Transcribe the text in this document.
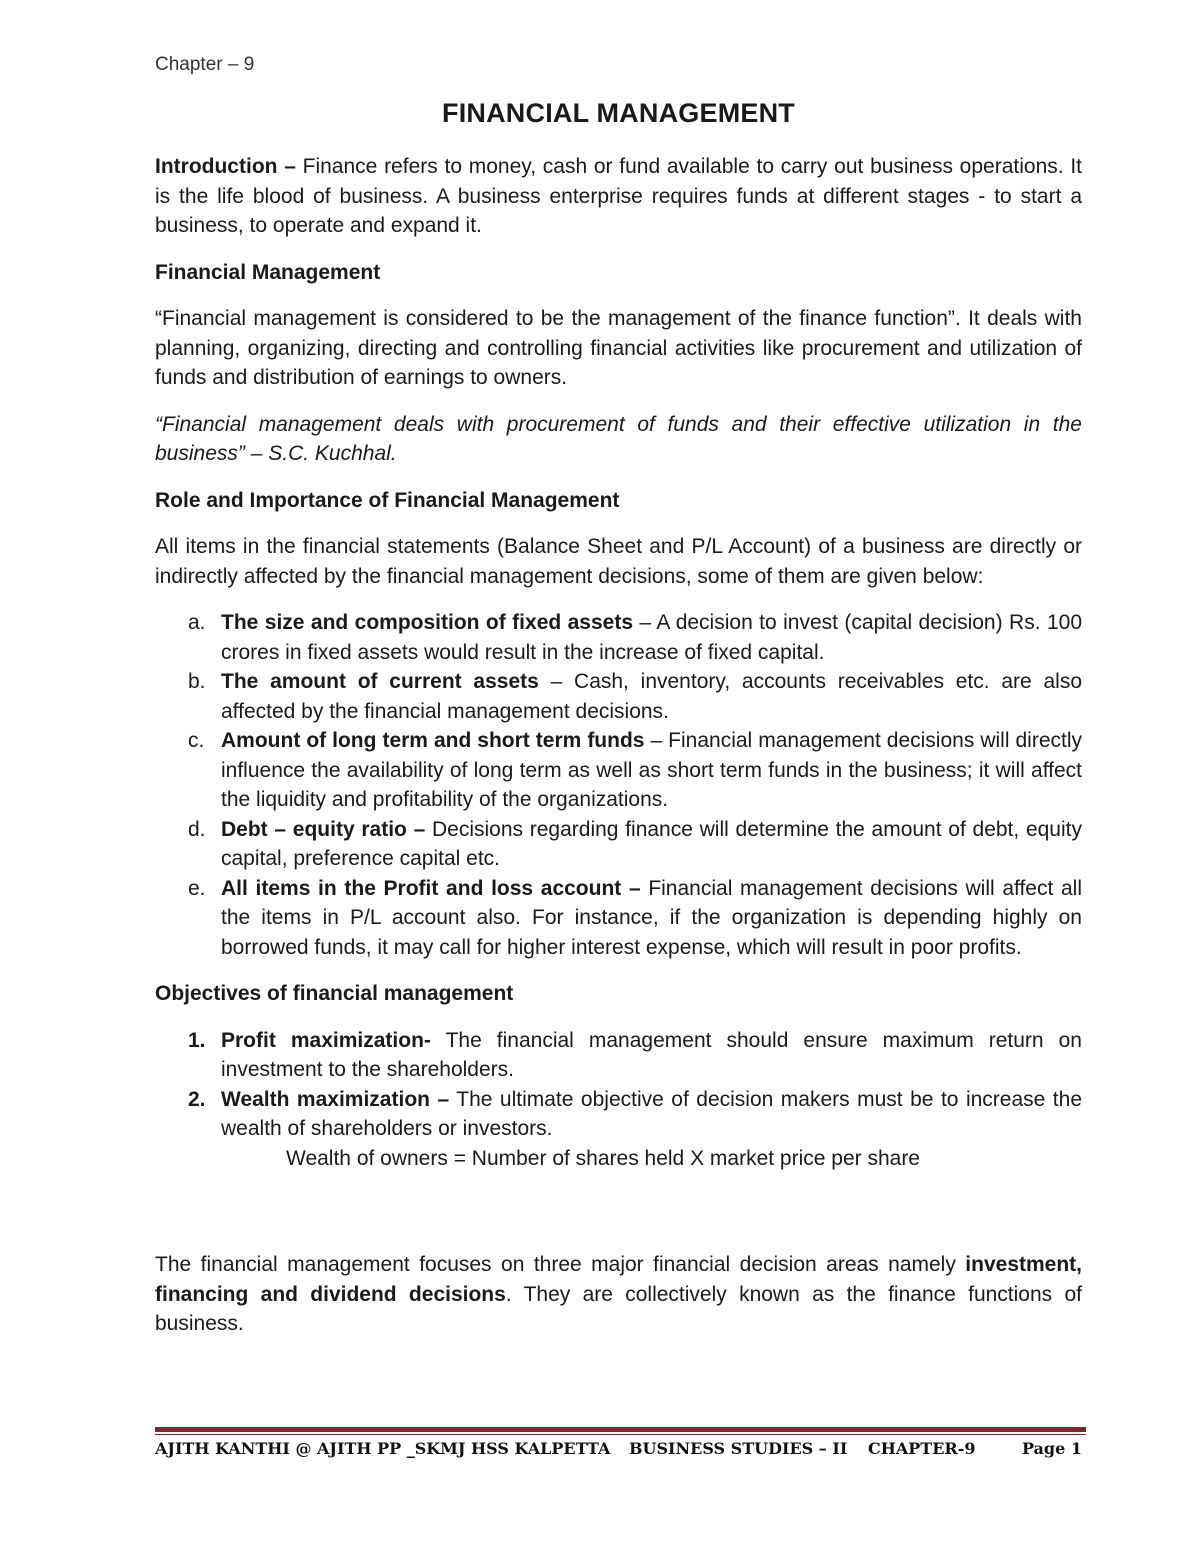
Chapter – 9
FINANCIAL MANAGEMENT

Introduction – Finance refers to money, cash or fund available to carry out business operations. It is the life blood of business. A business enterprise requires funds at different stages - to start a business, to operate and expand it.

Financial Management

“Financial management is considered to be the management of the finance function”. It deals with planning, organizing, directing and controlling financial activities like procurement and utilization of funds and distribution of earnings to owners.

“Financial management deals with procurement of funds and their effective utilization in the business” – S.C. Kuchhal.

Role and Importance of Financial Management

All items in the financial statements (Balance Sheet and P/L Account) of a business are directly or indirectly affected by the financial management decisions, some of them are given below:

a. The size and composition of fixed assets – A decision to invest (capital decision) Rs. 100 crores in fixed assets would result in the increase of fixed capital.
b. The amount of current assets – Cash, inventory, accounts receivables etc. are also affected by the financial management decisions.
c. Amount of long term and short term funds – Financial management decisions will directly influence the availability of long term as well as short term funds in the business; it will affect the liquidity and profitability of the organizations.
d. Debt – equity ratio – Decisions regarding finance will determine the amount of debt, equity capital, preference capital etc.
e. All items in the Profit and loss account – Financial management decisions will affect all the items in P/L account also. For instance, if the organization is depending highly on borrowed funds, it may call for higher interest expense, which will result in poor profits.

Objectives of financial management

1. Profit maximization- The financial management should ensure maximum return on investment to the shareholders.
2. Wealth maximization – The ultimate objective of decision makers must be to increase the wealth of shareholders or investors.
Wealth of owners = Number of shares held X market price per share

The financial management focuses on three major financial decision areas namely investment, financing and dividend decisions. They are collectively known as the finance functions of business.

AJITH KANTHI @ AJITH PP _SKMJ HSS KALPETTA BUSINESS STUDIES – II CHAPTER-9	Page 1
